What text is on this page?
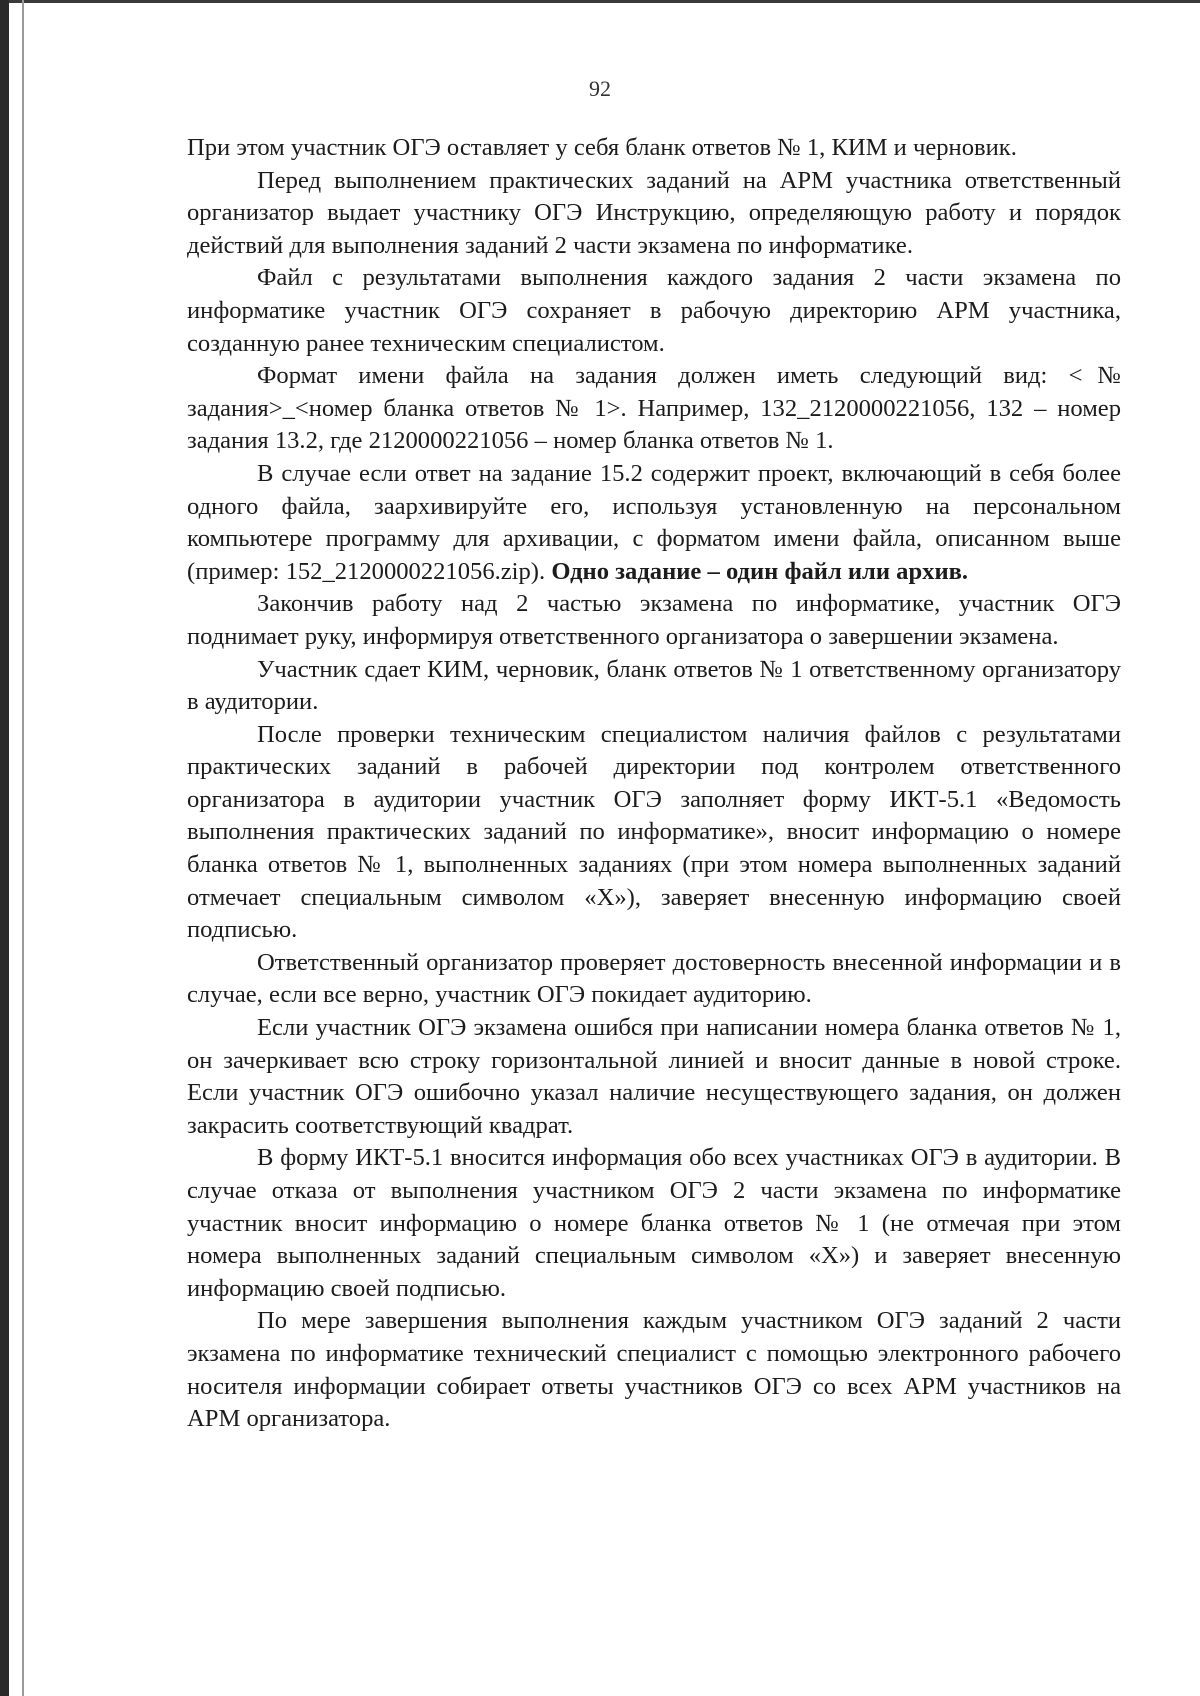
92

При этом участник ОГЭ оставляет у себя бланк ответов № 1, КИМ и черновик.

Перед выполнением практических заданий на АРМ участника ответственный организатор выдает участнику ОГЭ Инструкцию, определяющую работу и порядок действий для выполнения заданий 2 части экзамена по информатике.

Файл с результатами выполнения каждого задания 2 части экзамена по информатике участник ОГЭ сохраняет в рабочую директорию АРМ участника, созданную ранее техническим специалистом.

Формат имени файла на задания должен иметь следующий вид: <№ задания>_<номер бланка ответов № 1>. Например, 132_2120000221056, 132 – номер задания 13.2, где 2120000221056 – номер бланка ответов № 1.

В случае если ответ на задание 15.2 содержит проект, включающий в себя более одного файла, заархивируйте его, используя установленную на персональном компьютере программу для архивации, с форматом имени файла, описанном выше (пример: 152_2120000221056.zip). Одно задание – один файл или архив.

Закончив работу над 2 частью экзамена по информатике, участник ОГЭ поднимает руку, информируя ответственного организатора о завершении экзамена.

Участник сдает КИМ, черновик, бланк ответов № 1 ответственному организатору в аудитории.

После проверки техническим специалистом наличия файлов с результатами практических заданий в рабочей директории под контролем ответственного организатора в аудитории участник ОГЭ заполняет форму ИКТ-5.1 «Ведомость выполнения практических заданий по информатике», вносит информацию о номере бланка ответов № 1, выполненных заданиях (при этом номера выполненных заданий отмечает специальным символом «Х»), заверяет внесенную информацию своей подписью.

Ответственный организатор проверяет достоверность внесенной информации и в случае, если все верно, участник ОГЭ покидает аудиторию.

Если участник ОГЭ экзамена ошибся при написании номера бланка ответов № 1, он зачеркивает всю строку горизонтальной линией и вносит данные в новой строке. Если участник ОГЭ ошибочно указал наличие несуществующего задания, он должен закрасить соответствующий квадрат.

В форму ИКТ-5.1 вносится информация обо всех участниках ОГЭ в аудитории. В случае отказа от выполнения участником ОГЭ 2 части экзамена по информатике участник вносит информацию о номере бланка ответов № 1 (не отмечая при этом номера выполненных заданий специальным символом «Х») и заверяет внесенную информацию своей подписью.

По мере завершения выполнения каждым участником ОГЭ заданий 2 части экзамена по информатике технический специалист с помощью электронного рабочего носителя информации собирает ответы участников ОГЭ со всех АРМ участников на АРМ организатора.
